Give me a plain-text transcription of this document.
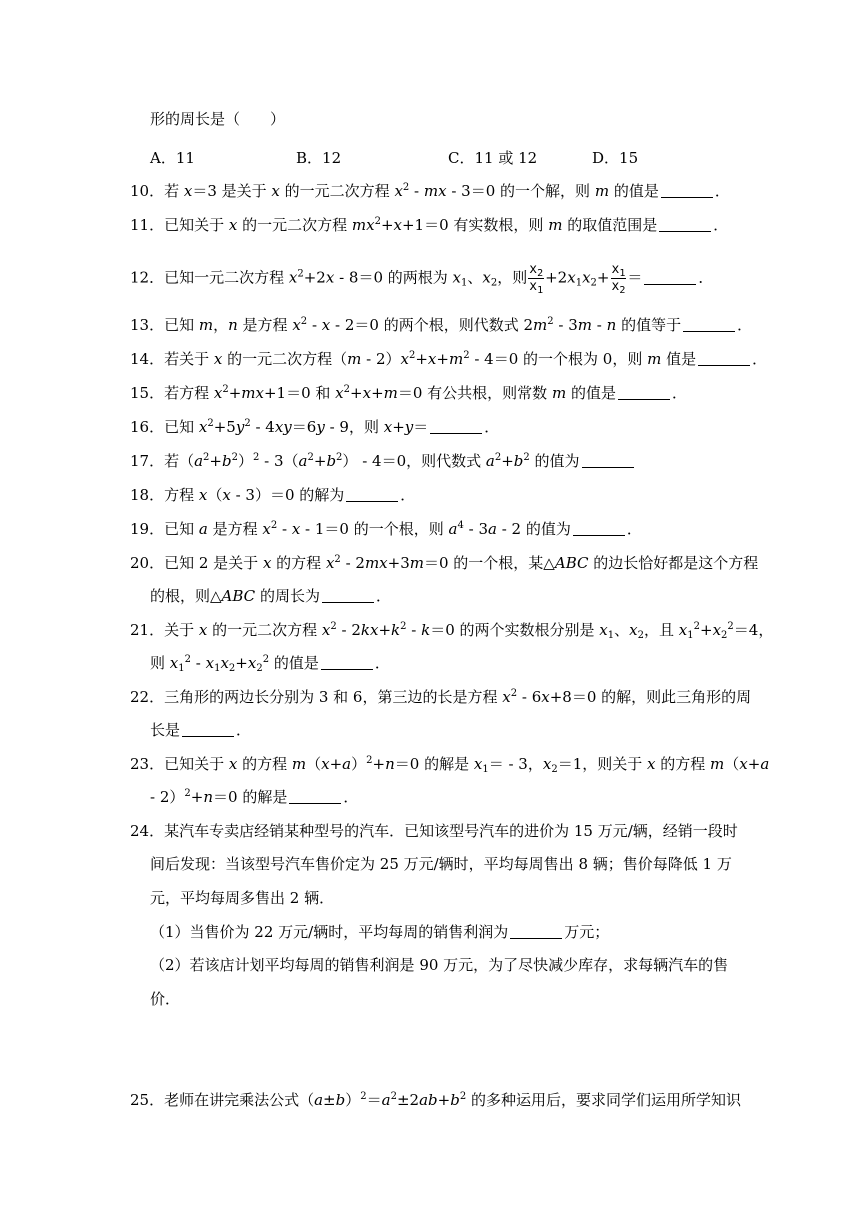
形的周长是（　　）
A．11	B．12	C．11 或 12	D．15
10．若 x＝3 是关于 x 的一元二次方程 $x^2$ - mx - 3＝0 的一个解，则 m 的值是	．
11．已知关于 x 的一元二次方程 $mx^2+x+1=0$ 有实数根，则 m 的取值范围是	．
12．已知一元二次方程 $x^2+2x - 8=0$ 的两根为 $x_1$、$x_2$，则 $\frac{x_2}{x_1} +2x_1x_2+ \frac{x_1}{x_2}$ ＝	．
13．已知 m，n 是方程 $x^2 - x - 2=0$ 的两个根，则代数式 $2m^2 - 3m$ - n 的值等于	．
14．若关于 x 的一元二次方程$(m - 2)x^2+x+m^2 - 4=0$ 的一个根为 0，则 m 值是	．
15．若方程 $x^2+mx+1=0$ 和 $x^2+x+m=0$ 有公共根，则常数 m 的值是	．
16．已知 $x^2+5y^2 - 4xy=6y - 9$，则 x+y＝	．
17．若$(a^2+b^2)^2 - 3(a^2+b^2) - 4=0$，则代数式 $a^2+b^2$ 的值为
18．方程 x（x - 3）＝0 的解为	．
19．已知 a 是方程 $x^2 - x - 1=0$ 的一个根，则 $a^4 - 3a - 2$ 的值为	．
20．已知 2 是关于 x 的方程 $x^2 - 2mx+3m=0$ 的一个根，某△ABC 的边长恰好都是这个方程
的根，则△ABC 的周长为	．
21．关于 x 的一元二次方程 $x^2 - 2kx+k^2 - k=0$ 的两个实数根分别是 $x_1$、$x_2$，且 $x_1^2+x_2^2=4$，
则 $x_1^2 - x_1x_2+x_2^2$ 的值是	．
22．三角形的两边长分别为 3 和 6，第三边的长是方程 $x^2 - 6x+8=0$ 的解，则此三角形的周
长是	．
23．已知关于 x 的方程 $m(x+a)^2+n=0$ 的解是 $x_1= - 3$，$x_2=1$，则关于 x 的方程 m（x+a
- 2）$^2$+n＝0 的解是	．
24．某汽车专卖店经销某种型号的汽车．已知该型号汽车的进价为 15 万元/辆，经销一段时
间后发现：当该型号汽车售价定为 25 万元/辆时，平均每周售出 8 辆；售价每降低 1 万
元，平均每周多售出 2 辆．
（1）当售价为 22 万元/辆时，平均每周的销售利润为	万元；
（2）若该店计划平均每周的销售利润是 90 万元，为了尽快减少库存，求每辆汽车的售
价．
25．老师在讲完乘法公式$(a\pm b)^2=a^2\pm 2ab+b^2$ 的多种运用后，要求同学们运用所学知识
